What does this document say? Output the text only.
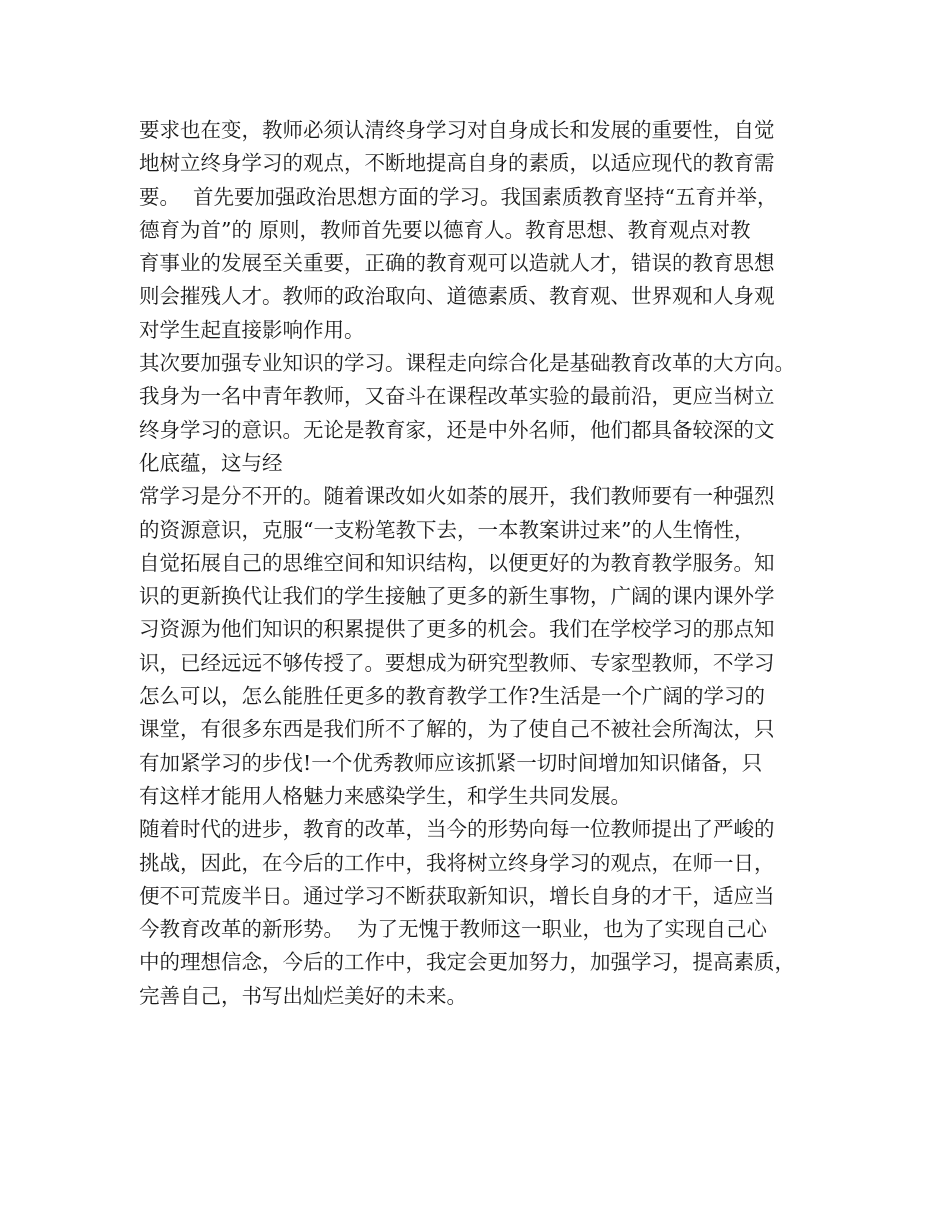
要求也在变，教师必须认清终身学习对自身成长和发展的重要性，自觉
地树立终身学习的观点，不断地提高自身的素质，以适应现代的教育需
要。  首先要加强政治思想方面的学习。我国素质教育坚持“五育并举，
德育为首”的 原则，教师首先要以德育人。教育思想、教育观点对教
育事业的发展至关重要，正确的教育观可以造就人才，错误的教育思想
则会摧残人才。教师的政治取向、道德素质、教育观、世界观和人身观
对学生起直接影响作用。
其次要加强专业知识的学习。课程走向综合化是基础教育改革的大方向。
我身为一名中青年教师，又奋斗在课程改革实验的最前沿，更应当树立
终身学习的意识。无论是教育家，还是中外名师，他们都具备较深的文
化底蕴，这与经
常学习是分不开的。随着课改如火如荼的展开，我们教师要有一种强烈
的资源意识，克服“一支粉笔教下去，一本教案讲过来”的人生惰性，
自觉拓展自己的思维空间和知识结构，以便更好的为教育教学服务。知
识的更新换代让我们的学生接触了更多的新生事物，广阔的课内课外学
习资源为他们知识的积累提供了更多的机会。我们在学校学习的那点知
识，已经远远不够传授了。要想成为研究型教师、专家型教师，不学习
怎么可以，怎么能胜任更多的教育教学工作?生活是一个广阔的学习的
课堂，有很多东西是我们所不了解的，为了使自己不被社会所淘汰，只
有加紧学习的步伐!一个优秀教师应该抓紧一切时间增加知识储备，只
有这样才能用人格魅力来感染学生，和学生共同发展。
随着时代的进步，教育的改革，当今的形势向每一位教师提出了严峻的
挑战，因此，在今后的工作中，我将树立终身学习的观点，在师一日，
便不可荒废半日。通过学习不断获取新知识，增长自身的才干，适应当
今教育改革的新形势。  为了无愧于教师这一职业，也为了实现自己心
中的理想信念，今后的工作中，我定会更加努力，加强学习，提高素质，
完善自己，书写出灿烂美好的未来。
